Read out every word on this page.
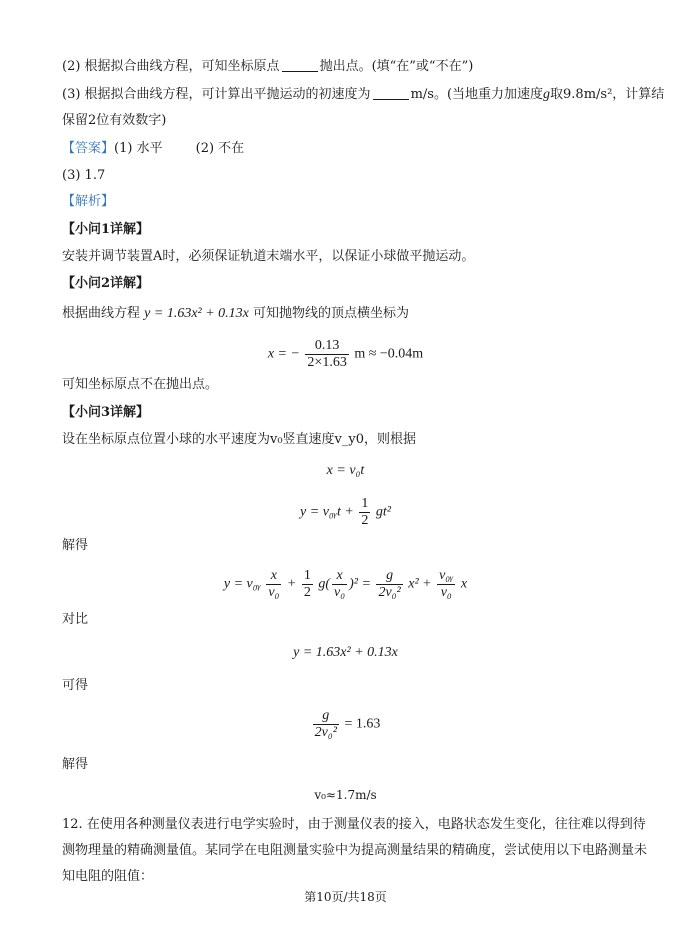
(2) 根据拟合曲线方程，可知坐标原点	抛出点。(填“在”或“不在”)
(3) 根据拟合曲线方程，可计算出平抛运动的初速度为	m/s。(当地重力加速度g取9.8m/s²，计算结
保留2位有效数字)
【答案】(1) 水平        (2) 不在
(3) 1.7
【解析】
【小问1详解】
安装并调节装置A时，必须保证轨道末端水平，以保证小球做平抛运动。
【小问2详解】
根据曲线方程 y = 1.63x² + 0.13x 可知抛物线的顶点横坐标为
x = − $\frac{0.13}{2\times 1.63}$ m ≈ −0.04m
可知坐标原点不在抛出点。
【小问3详解】
设在坐标原点位置小球的水平速度为v₀竖直速度v_y0，则根据
x = v₀t
y = v₀ᵧt + $\frac{1}{2} gt^2$
解得
y = v₀ᵧ $\frac{x}{\text{v₀}} + \frac{1}{2} g( \frac{x}{\text{v₀}} )^2 = \frac{g}{\text{2v₀²}} x^2 + \frac{\text{v₀ᵧ}}{\text{v₀}}$ x
对比
y = 1.63x² + 0.13x
可得
$\frac{g}{\text{2v₀²}} = 1.63$
解得
v₀≈1.7m/s
12. 在使用各种测量仪表进行电学实验时，由于测量仪表的接入，电路状态发生变化，往往难以得到待测物理量的精确测量值。某同学在电阻测量实验中为提高测量结果的精确度，尝试使用以下电路测量未知电阻的阻值：
第10页/共18页
